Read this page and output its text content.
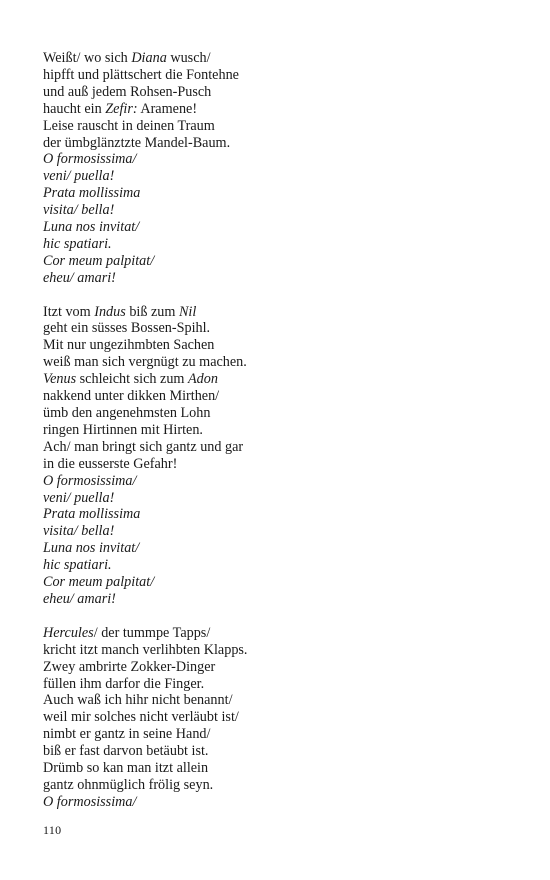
Weißt/ wo sich Diana wusch/
hipfft und plättschert die Fontehne
und auß jedem Rohsen-Pusch
haucht ein Zefir: Aramene!
Leise rauscht in deinen Traum
der ümbglänztzte Mandel-Baum.
O formosissima/
veni/ puella!
Prata mollissima
visita/ bella!
Luna nos invitat/
hic spatiari.
Cor meum palpitat/
eheu/ amari!
Itzt vom Indus biß zum Nil
geht ein süsses Bossen-Spihl.
Mit nur ungezihmbten Sachen
weiß man sich vergnügt zu machen.
Venus schleicht sich zum Adon
nakkend unter dikken Mirthen/
ümb den angenehmsten Lohn
ringen Hirtinnen mit Hirten.
Ach/ man bringt sich gantz und gar
in die eusserste Gefahr!
O formosissima/
veni/ puella!
Prata mollissima
visita/ bella!
Luna nos invitat/
hic spatiari.
Cor meum palpitat/
eheu/ amari!
Hercules/ der tummpe Tapps/
kricht itzt manch verlihbten Klapps.
Zwey ambrirte Zokker-Dinger
füllen ihm darfor die Finger.
Auch waß ich hihr nicht benannt/
weil mir solches nicht verläubt ist/
nimbt er gantz in seine Hand/
biß er fast darvon betäubt ist.
Drümb so kan man itzt allein
gantz ohnmüglich frölig seyn.
O formosissima/
110
